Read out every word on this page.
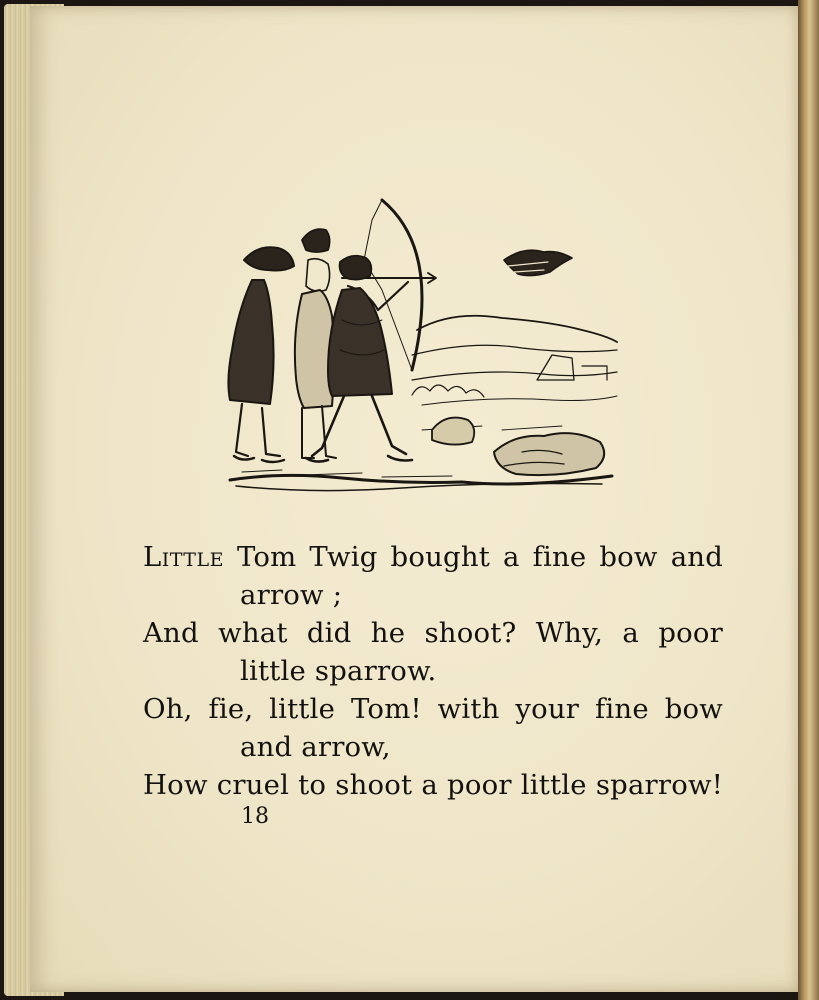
Little Tom Twig bought a fine bow and
arrow ;
And what did he shoot? Why, a poor
little sparrow.
Oh, fie, little Tom! with your fine bow
and arrow,
How cruel to shoot a poor little sparrow!
18
